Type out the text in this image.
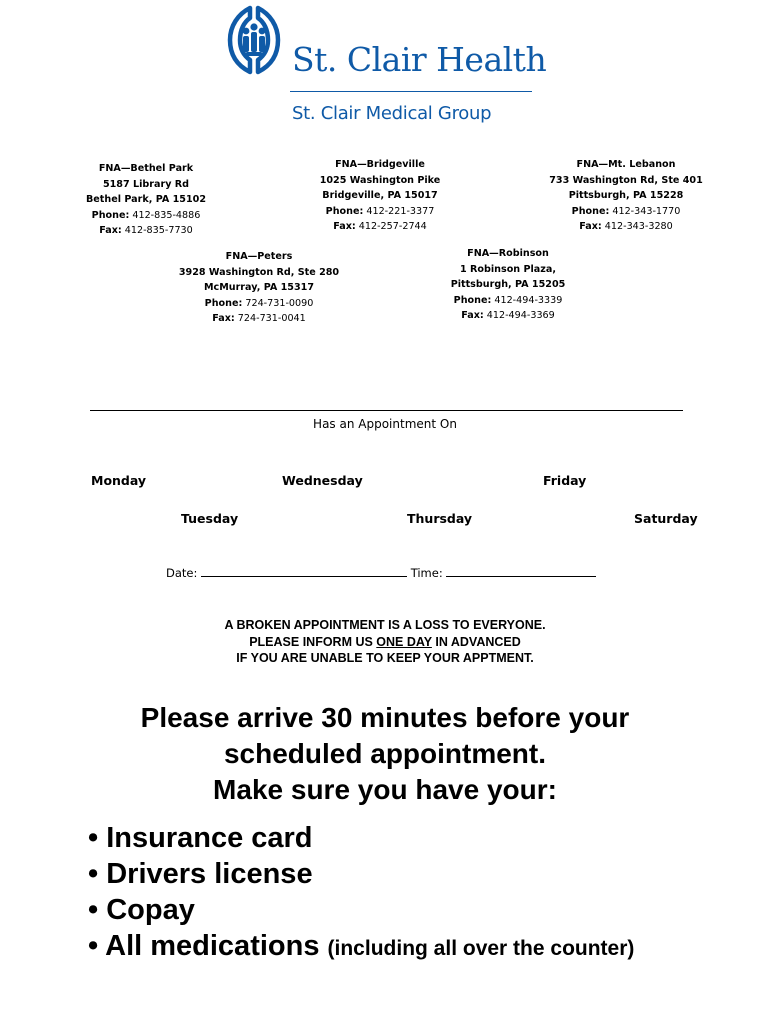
St. Clair Health
St. Clair Medical Group
FNA—Bethel Park
5187 Library Rd
Bethel Park, PA 15102
Phone: 412-835-4886
Fax: 412-835-7730
FNA—Bridgeville
1025 Washington Pike
Bridgeville, PA 15017
Phone: 412-221-3377
Fax: 412-257-2744
FNA—Mt. Lebanon
733 Washington Rd, Ste 401
Pittsburgh, PA 15228
Phone: 412-343-1770
Fax: 412-343-3280
FNA—Peters
3928 Washington Rd, Ste 280
McMurray, PA 15317
Phone: 724-731-0090
Fax: 724-731-0041
FNA—Robinson
1 Robinson Plaza,
Pittsburgh, PA 15205
Phone: 412-494-3339
Fax: 412-494-3369
Has an Appointment On
Monday	Wednesday	Friday
Tuesday	Thursday	Saturday
Date:	Time:
A BROKEN APPOINTMENT IS A LOSS TO EVERYONE.
PLEASE INFORM US ONE DAY IN ADVANCED
IF YOU ARE UNABLE TO KEEP YOUR APPTMENT.
Please arrive 30 minutes before your
scheduled appointment.
Make sure you have your:
• Insurance card
• Drivers license
• Copay
• All medications (including all over the counter)
